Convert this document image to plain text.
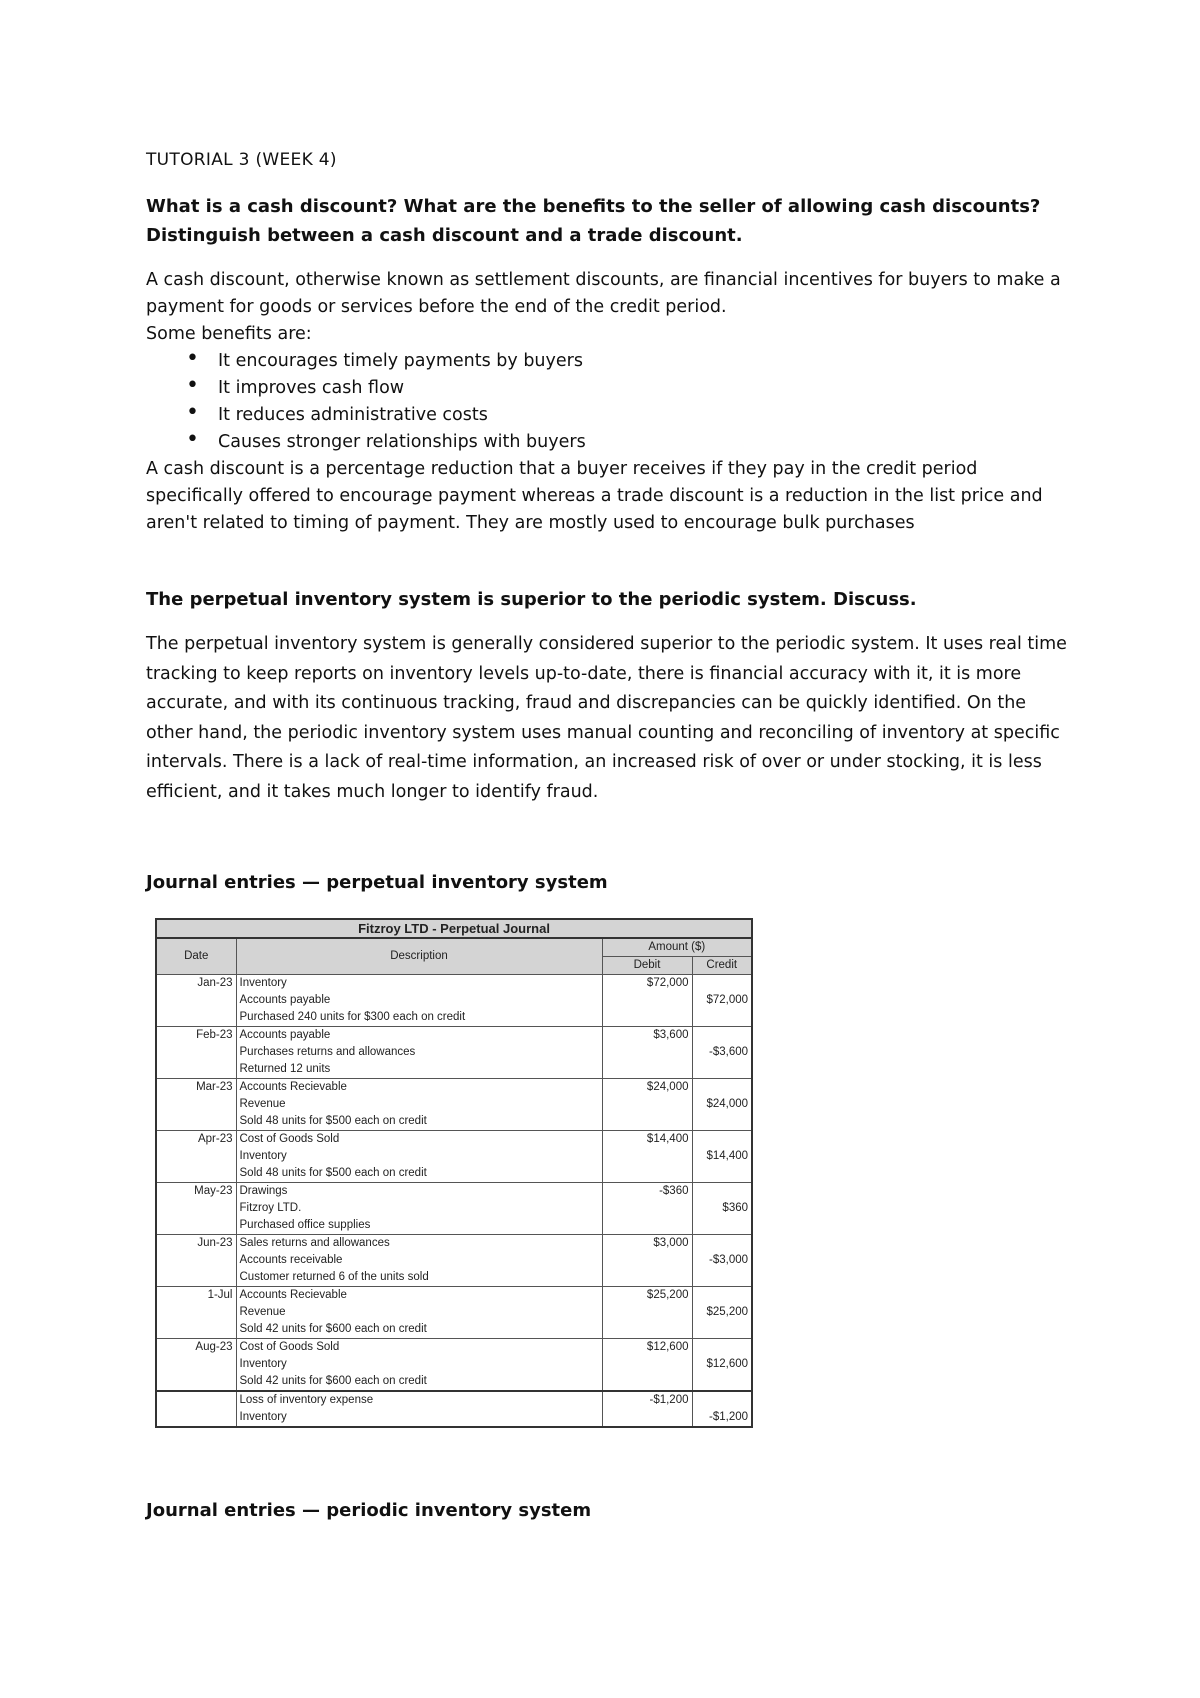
TUTORIAL 3 (WEEK 4)
What is a cash discount? What are the benefits to the seller of allowing cash discounts? Distinguish between a cash discount and a trade discount.
A cash discount, otherwise known as settlement discounts, are financial incentives for buyers to make a payment for goods or services before the end of the credit period.
Some benefits are:
• It encourages timely payments by buyers
• It improves cash flow
• It reduces administrative costs
• Causes stronger relationships with buyers
A cash discount is a percentage reduction that a buyer receives if they pay in the credit period specifically offered to encourage payment whereas a trade discount is a reduction in the list price and aren't related to timing of payment. They are mostly used to encourage bulk purchases
The perpetual inventory system is superior to the periodic system. Discuss.
The perpetual inventory system is generally considered superior to the periodic system. It uses real time tracking to keep reports on inventory levels up-to-date, there is financial accuracy with it, it is more accurate, and with its continuous tracking, fraud and discrepancies can be quickly identified. On the other hand, the periodic inventory system uses manual counting and reconciling of inventory at specific intervals. There is a lack of real-time information, an increased risk of over or under stocking, it is less efficient, and it takes much longer to identify fraud.
Journal entries — perpetual inventory system
Fitzroy LTD - Perpetual Journal			
Date	Description	Amount ($)	
		Debit	Credit
Jan-23	Inventory	$72,000	
	Accounts payable		$72,000
	Purchased 240 units for $300 each on credit		
Feb-23	Accounts payable	$3,600	
	Purchases returns and allowances		-$3,600
	Returned 12 units		
Mar-23	Accounts Recievable	$24,000	
	Revenue		$24,000
	Sold 48 units for $500 each on credit		
Apr-23	Cost of Goods Sold	$14,400	
	Inventory		$14,400
	Sold 48 units for $500 each on credit		
May-23	Drawings	-$360	
	Fitzroy LTD.		$360
	Purchased office supplies		
Jun-23	Sales returns and allowances	$3,000	
	Accounts receivable		-$3,000
	Customer returned 6 of the units sold		
1-Jul	Accounts Recievable	$25,200	
	Revenue		$25,200
	Sold 42 units for $600 each on credit		
Aug-23	Cost of Goods Sold	$12,600	
	Inventory		$12,600
	Sold 42 units for $600 each on credit		
	Loss of inventory expense	-$1,200	
	Inventory		-$1,200
Journal entries — periodic inventory system
